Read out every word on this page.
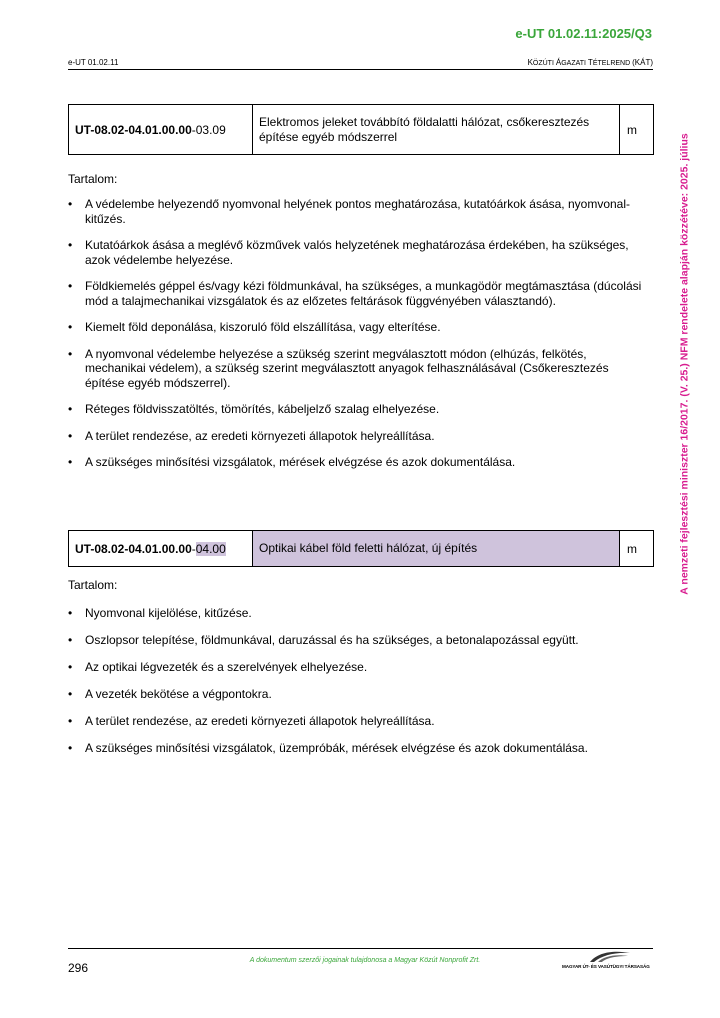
e-UT 01.02.11:2025/Q3
e-UT 01.02.11	KÖZÚTI ÁGAZATI TÉTELREND (KÁT)
A nemzeti fejlesztési miniszter 16/2017. (V. 25.) NFM rendelete alapján közzétéve: 2025. július
UT-08.02-04.01.00.00-03.09	Elektromos jeleket továbbító földalatti hálózat, csőkeresztezés építése egyéb módszerrel	m
Tartalom:
• A védelembe helyezendő nyomvonal helyének pontos meghatározása, kutatóárkok ásása, nyomvonal-kitűzés.
• Kutatóárkok ásása a meglévő közművek valós helyzetének meghatározása érdekében, ha szükséges, azok védelembe helyezése.
• Földkiemelés géppel és/vagy kézi földmunkával, ha szükséges, a munkagödör megtámasztása (dúcolási mód a talajmechanikai vizsgálatok és az előzetes feltárások függvényében választandó).
• Kiemelt föld deponálása, kiszoruló föld elszállítása, vagy elterítése.
• A nyomvonal védelembe helyezése a szükség szerint megválasztott módon (elhúzás, felkötés, mechanikai védelem), a szükség szerint megválasztott anyagok felhasználásával (Csőkeresztezés építése egyéb módszerrel).
• Réteges földvisszatöltés, tömörítés, kábeljelző szalag elhelyezése.
• A terület rendezése, az eredeti környezeti állapotok helyreállítása.
• A szükséges minősítési vizsgálatok, mérések elvégzése és azok dokumentálása.
UT-08.02-04.01.00.00-04.00	Optikai kábel föld feletti hálózat, új építés	m
Tartalom:
• Nyomvonal kijelölése, kitűzése.
• Oszlopsor telepítése, földmunkával, daruzással és ha szükséges, a betonalapozással együtt.
• Az optikai légvezeték és a szerelvények elhelyezése.
• A vezeték bekötése a végpontokra.
• A terület rendezése, az eredeti környezeti állapotok helyreállítása.
• A szükséges minősítési vizsgálatok, üzempróbák, mérések elvégzése és azok dokumentálása.
296
A dokumentum szerzői jogainak tulajdonosa a Magyar Közút Nonprofit Zrt.
MAGYAR ÚT- ÉS VASÚTÜGYI TÁRSASÁG
